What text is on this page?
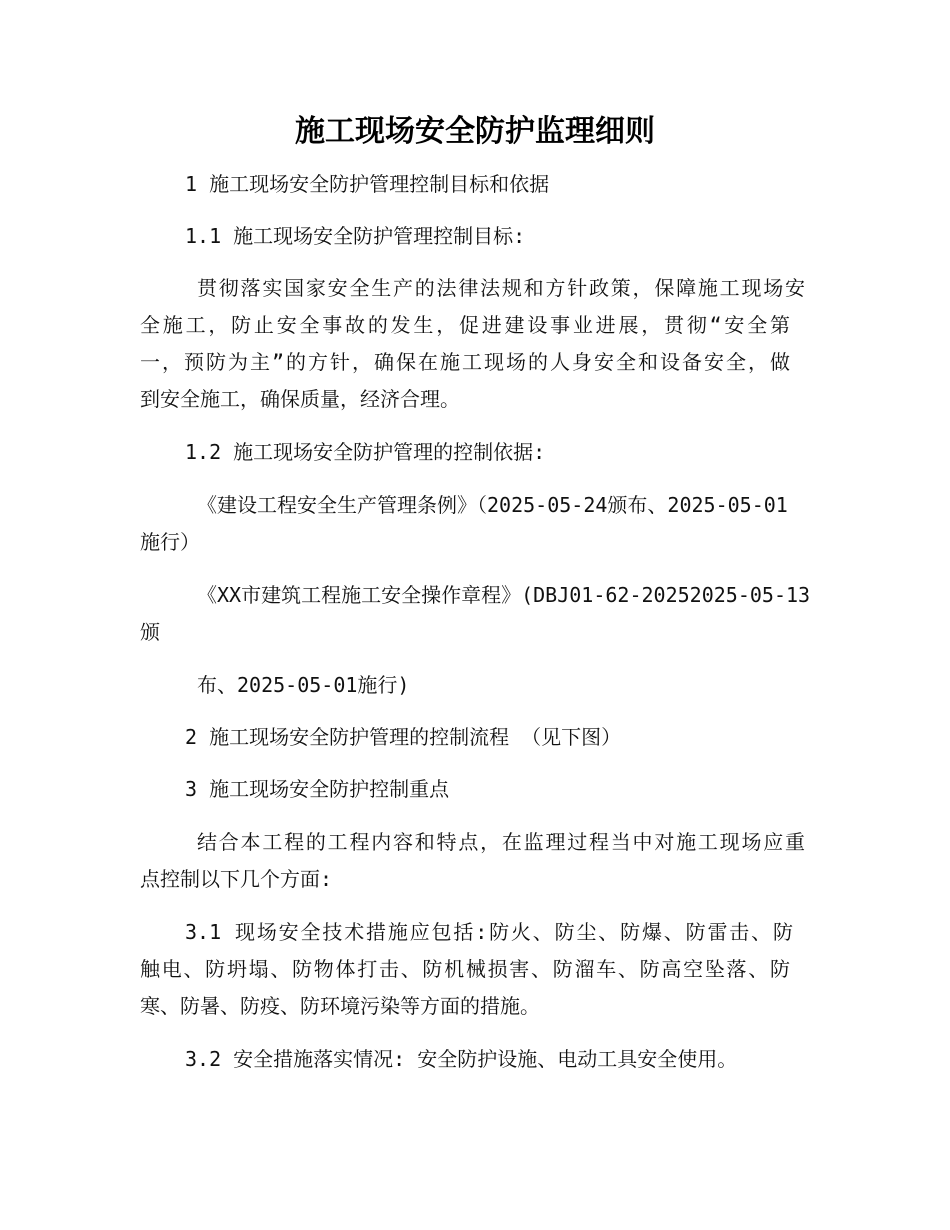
施工现场安全防护监理细则

1 施工现场安全防护管理控制目标和依据

1.1 施工现场安全防护管理控制目标:

贯彻落实国家安全生产的法律法规和方针政策，保障施工现场安

全施工，防止安全事故的发生，促进建设事业进展，贯彻“安全第

一，预防为主”的方针，确保在施工现场的人身安全和设备安全，做

到安全施工，确保质量，经济合理。

1.2 施工现场安全防护管理的控制依据:

《建设工程安全生产管理条例》（2025-05-24颁布、2025-05-01

施行）

《XX市建筑工程施工安全操作章程》(DBJ01-62-20252025-05-13

颁

布、2025-05-01施行)

2 施工现场安全防护管理的控制流程 （见下图）

3 施工现场安全防护控制重点

结合本工程的工程内容和特点，在监理过程当中对施工现场应重

点控制以下几个方面:

3.1 现场安全技术措施应包括:防火、防尘、防爆、防雷击、防

触电、防坍塌、防物体打击、防机械损害、防溜车、防高空坠落、防

寒、防暑、防疫、防环境污染等方面的措施。

3.2 安全措施落实情况: 安全防护设施、电动工具安全使用。
